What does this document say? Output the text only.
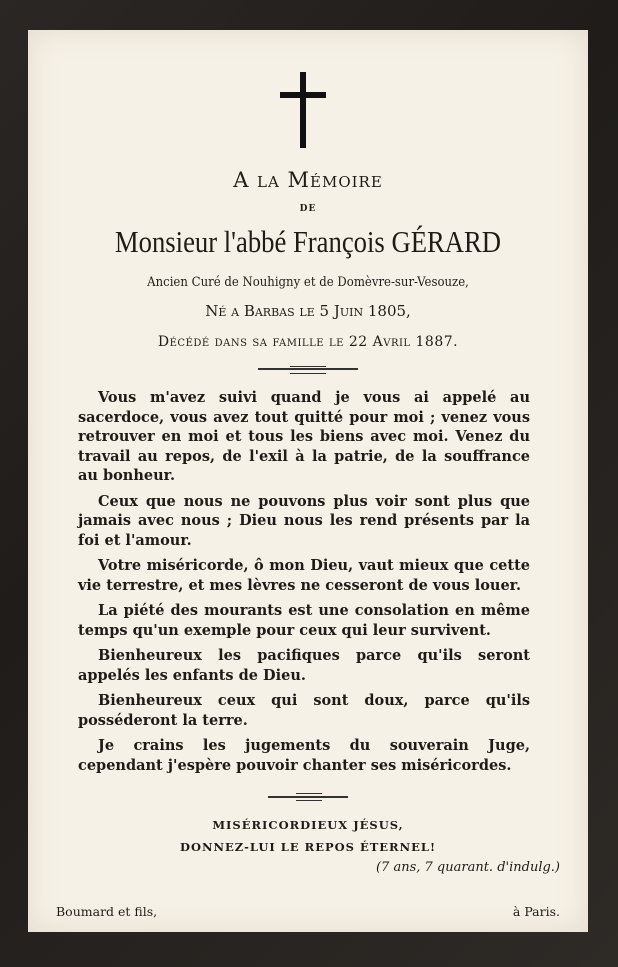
A la Mémoire
DE
Monsieur l'abbé François GÉRARD
Ancien Curé de Nouhigny et de Domèvre-sur-Vesouze,
Né a Barbas le 5 Juin 1805,
Décédé dans sa famille le 22 Avril 1887.

Vous m'avez suivi quand je vous ai appelé au sacerdoce, vous avez tout quitté pour moi ; venez vous retrouver en moi et tous les biens avec moi. Venez du travail au repos, de l'exil à la patrie, de la souffrance au bonheur.

Ceux que nous ne pouvons plus voir sont plus que jamais avec nous ; Dieu nous les rend présents par la foi et l'amour.

Votre miséricorde, ô mon Dieu, vaut mieux que cette vie terrestre, et mes lèvres ne cesseront de vous louer.

La piété des mourants est une consolation en même temps qu'un exemple pour ceux qui leur survivent.

Bienheureux les pacifiques parce qu'ils seront appelés les enfants de Dieu.

Bienheureux ceux qui sont doux, parce qu'ils posséderont la terre.

Je crains les jugements du souverain Juge, cependant j'espère pouvoir chanter ses miséricordes.

MISÉRICORDIEUX JÉSUS,
DONNEZ-LUI LE REPOS ÉTERNEL!
(7 ans, 7 quarant. d'indulg.)
Boumard et fils,	à Paris.
